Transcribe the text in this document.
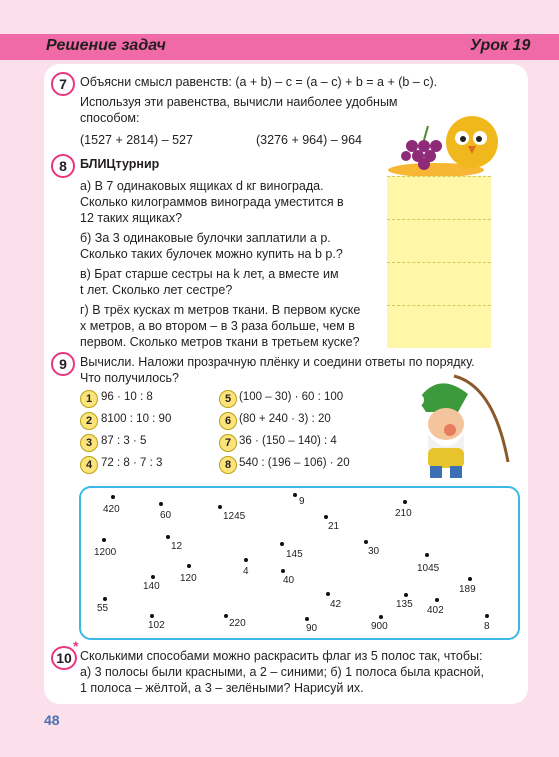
Решение задач	Урок 19
7	Объясни смысл равенств: (a + b) – c = (a – c) + b = a + (b – c).
Используя эти равенства, вычисли наиболее удобным
способом:
(1527 + 2814) – 527	(3276 + 964) – 964
8	БЛИЦтурнир
а) В 7 одинаковых ящиках d кг винограда.
Сколько килограммов винограда уместится в
12 таких ящиках?
б) За 3 одинаковые булочки заплатили a р.
Сколько таких булочек можно купить на b р.?
в) Брат старше сестры на k лет, а вместе им
t лет. Сколько лет сестре?
г) В трёх кусках m метров ткани. В первом куске
x метров, а во втором – в 3 раза больше, чем в
первом. Сколько метров ткани в третьем куске?
9	Вычисли. Наложи прозрачную плёнку и соедини ответы по порядку.
Что получилось?
1 96 · 10 : 8
2 8100 : 10 : 90
3 87 : 3 · 5
4 72 : 8 · 7 : 3
5 (100 – 30) · 60 : 100
6 (80 + 240 · 3) : 20
7 36 · (150 – 140) : 4
8 540 : (196 – 106) · 20
420
60	1245
9
21
210
1200
12
145	30
1045
4
120
140
40
189
55	42	135
402
102	220	90	900	8
10
*
Сколькими способами можно раскрасить флаг из 5 полос так, чтобы:
а) 3 полосы были красными, а 2 – синими; б) 1 полоса была красной,
1 полоса – жёлтой, а 3 – зелёными? Нарисуй их.
48
